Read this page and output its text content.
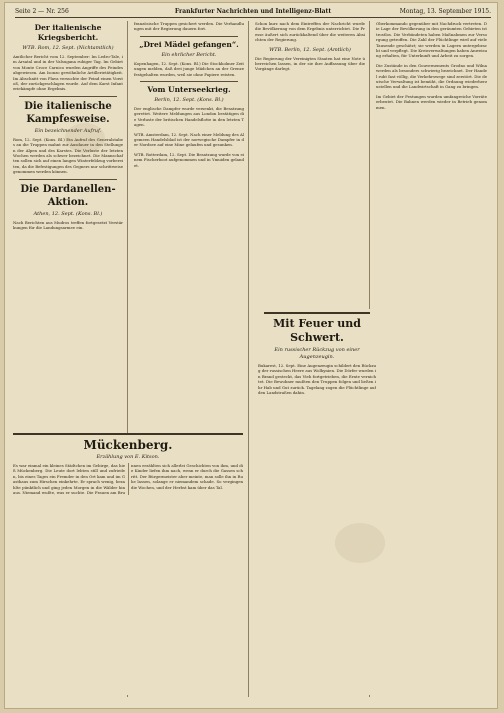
Seite 2 — Nr. 256	Frankfurter Nachrichten und Intelligenz-Blatt	Montag, 13. September 1915.
Der italienische Kriegsbericht.
WTB. Rom, 12. Sept. (Nichtamtlich)
Amtlicher Bericht vom 12. September: Im Ledro-Tale, im Arsatal und in der Valsugana ruhiger Tag. Im Gebiet von Monte Croce Carnico wurden Angriffe des Feindes abgewiesen. Am Isonzo gewöhnliche Artillerietätigkeit. Im Abschnitt von Plava versuchte der Feind einen Vorstoß, der zurückgeschlagen wurde. Auf dem Karst Infanteriekämpfe ohne Ergebnis.
Die italienische Kampfesweise.
Ein bezeichnender Aufruf.
Rom, 12. Sept. (Kons. Bl.) Ein Aufruf des Generalstabes an die Truppen mahnt zur Ausdauer in den Stellungen der Alpen und des Karstes. Die Verluste der letzten Wochen werden als schwer bezeichnet. Die Mannschaften sollen sich auf einen langen Winterfeldzug vorbereiten, da die Befestigungen des Gegners nur schrittweise genommen werden können.
Die Dardanellen-Aktion.
Athen, 12. Sept. (Kons. Bl.)
Nach Berichten aus Mudros treffen fortgesetzt Verstärkungen für die Landungsarmee ein.
französische Truppen gesichert werden. Die Verhandlungen mit der Regierung dauern fort.
„Drei Mädel gefangen“.
Ein ehrlicher Bericht.
Kopenhagen, 12. Sept. (Kons. Bl.) Die Stockholmer Zeitungen melden, daß drei junge Mädchen an der Grenze festgehalten wurden, weil sie ohne Papiere reisten.
Vom Unterseekrieg.
Berlin, 12. Sept. (Kons. Bl.)
Der englische Dampfer wurde versenkt, die Besatzung gerettet. Weitere Meldungen aus London bestätigen die Verluste der britischen Handelsflotte in den letzten Tagen.
WTB. Amsterdam, 12. Sept. Nach einer Meldung des Algemeen Handelsblad ist der norwegische Dampfer in der Nordsee auf eine Mine gelaufen und gesunken.
WTB. Rotterdam, 12. Sept. Die Besatzung wurde von einem Fischerboot aufgenommen und in Ymuiden gelandet.
Schon kurz nach dem Eintreffen der Nachricht wurde die Bevölkerung von dem Ergebnis unterrichtet. Die Presse äußert sich zurückhaltend über die weiteren Absichten der Regierung.
WTB. Berlin, 12. Sept. (Amtlich)
Die Regierung der Vereinigten Staaten hat eine Note überreichen lassen, in der sie ihre Auffassung über die Vorgänge darlegt.
Oberkommando gegenüber mit Nachdruck vertreten. Die Lage der Bevölkerung in den geräumten Gebieten ist trostlos. Die Verbündeten haben Maßnahmen zur Versorgung getroffen. Die Zahl der Flüchtlinge wird auf viele Tausende geschätzt; sie werden in Lagern untergebracht und verpflegt. Die Kreisverwaltungen haben Anweisung erhalten, für Unterkunft und Arbeit zu sorgen.
Die Zustände in den Gouvernements Grodno und Wilna werden als besonders schwierig bezeichnet. Der Handel ruht fast völlig, die Verkehrswege sind zerstört. Die deutsche Verwaltung ist bemüht, die Ordnung wiederherzustellen und die Landwirtschaft in Gang zu bringen.
Im Gebiet der Festungen wurden umfangreiche Vorräte erbeutet. Die Bahnen werden wieder in Betrieb genommen.
Mit Feuer und Schwert.
Ein russischer Rückzug von einer Augenzeugin.
Bukarest, 12. Sept. Eine Augenzeugin schildert den Rückzug der russischen Heere aus Wolhynien. Die Dörfer wurden in Brand gesteckt, das Vieh fortgetrieben, die Ernte vernichtet. Die Bewohner mußten den Truppen folgen und ließen ihr Hab und Gut zurück. Tagelang zogen die Flüchtlinge auf den Landstraßen dahin.
Mückenberg.
Erzählung von E. Kitson.
Es war einmal ein kleines Städtchen im Gebirge, das hieß Mückenberg. Die Leute dort lebten still und zufrieden, bis eines Tages ein Fremder in den Ort kam und im Gasthaus zum Hirschen einkehrte. Er sprach wenig, bezahlte pünktlich und ging jeden Morgen in die Wälder hinaus. Niemand wußte, was er suchte. Die Frauen am Brunnen erzählten sich allerlei Geschichten von ihm, und die Kinder liefen ihm nach, wenn er durch die Gassen schritt. Der Bürgermeister aber meinte, man solle ihn in Ruhe lassen, solange er niemandem schade. So vergingen die Wochen, und der Herbst kam über das Tal.
